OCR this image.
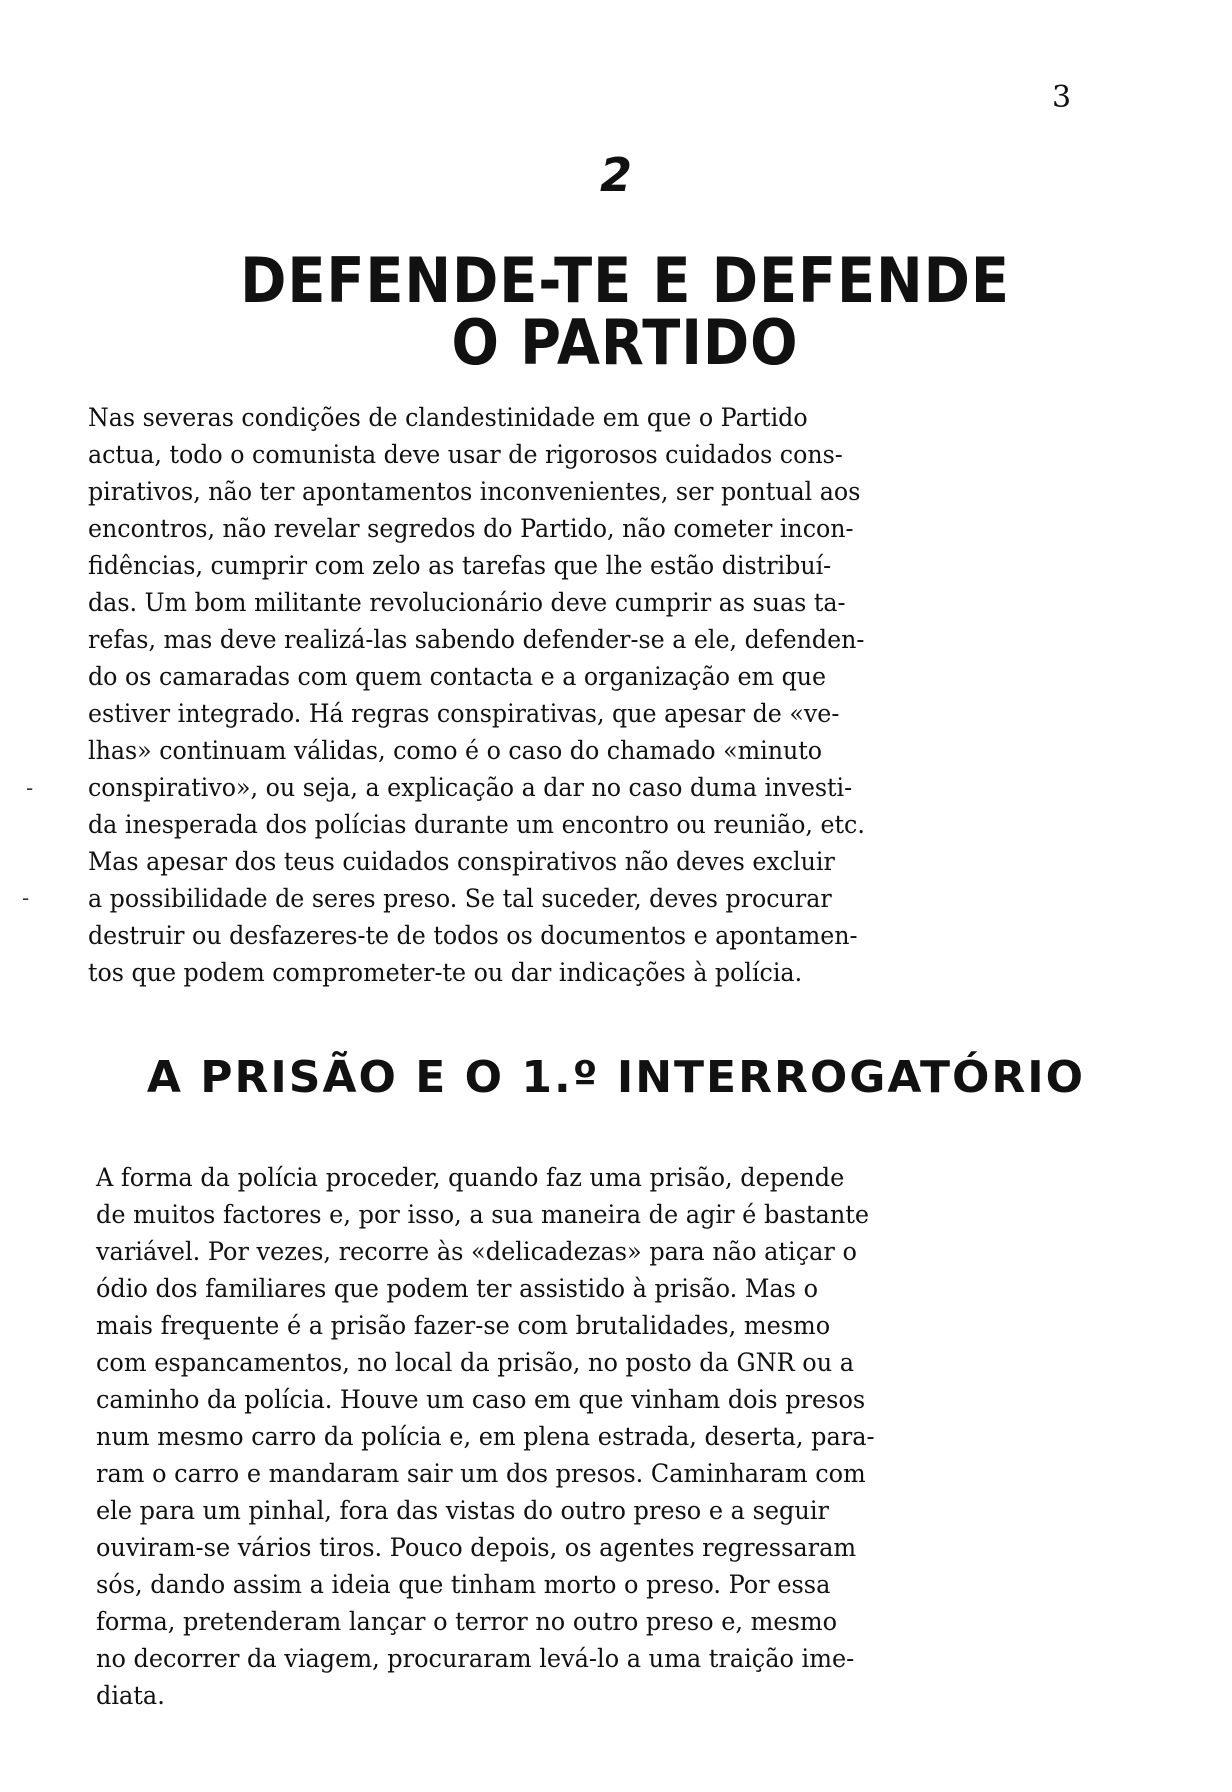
3
2
DEFENDE-TE E DEFENDE O PARTIDO
Nas severas condições de clandestinidade em que o Partido
actua, todo o comunista deve usar de rigorosos cuidados cons-
pirativos, não ter apontamentos inconvenientes, ser pontual aos
encontros, não revelar segredos do Partido, não cometer incon-
fidências, cumprir com zelo as tarefas que lhe estão distribuí-
das. Um bom militante revolucionário deve cumprir as suas ta-
refas, mas deve realizá-las sabendo defender-se a ele, defenden-
do os camaradas com quem contacta e a organização em que
estiver integrado. Há regras conspirativas, que apesar de «ve-
lhas» continuam válidas, como é o caso do chamado «minuto
conspirativo», ou seja, a explicação a dar no caso duma investi-
da inesperada dos polícias durante um encontro ou reunião, etc.
Mas apesar dos teus cuidados conspirativos não deves excluir
a possibilidade de seres preso. Se tal suceder, deves procurar
destruir ou desfazeres-te de todos os documentos e apontamen-
tos que podem comprometer-te ou dar indicações à polícia.
A PRISÃO E O 1.º INTERROGATÓRIO
A forma da polícia proceder, quando faz uma prisão, depende
de muitos factores e, por isso, a sua maneira de agir é bastante
variável. Por vezes, recorre às «delicadezas» para não atiçar o
ódio dos familiares que podem ter assistido à prisão. Mas o
mais frequente é a prisão fazer-se com brutalidades, mesmo
com espancamentos, no local da prisão, no posto da GNR ou a
caminho da polícia. Houve um caso em que vinham dois presos
num mesmo carro da polícia e, em plena estrada, deserta, para-
ram o carro e mandaram sair um dos presos. Caminharam com
ele para um pinhal, fora das vistas do outro preso e a seguir
ouviram-se vários tiros. Pouco depois, os agentes regressaram
sós, dando assim a ideia que tinham morto o preso. Por essa
forma, pretenderam lançar o terror no outro preso e, mesmo
no decorrer da viagem, procuraram levá-lo a uma traição ime-
diata.
-
-
